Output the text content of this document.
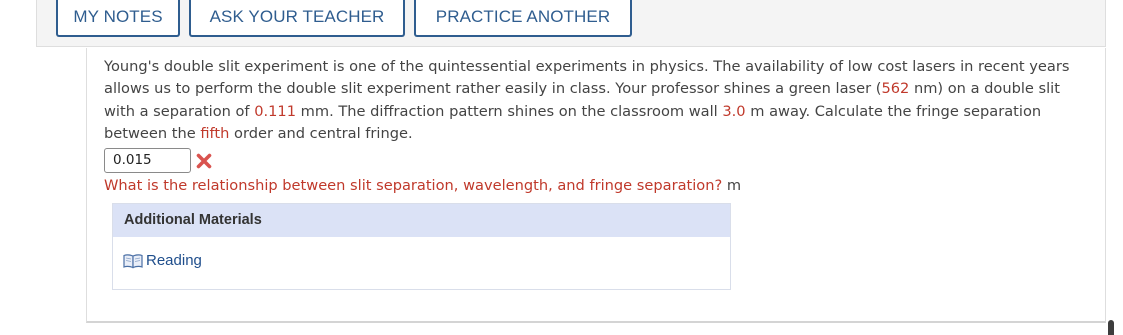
MY NOTES	ASK YOUR TEACHER	PRACTICE ANOTHER
Young's double slit experiment is one of the quintessential experiments in physics. The availability of low cost lasers in recent years allows us to perform the double slit experiment rather easily in class. Your professor shines a green laser (562 nm) on a double slit with a separation of 0.111 mm. The diffraction pattern shines on the classroom wall 3.0 m away. Calculate the fringe separation between the fifth order and central fringe.
0.015
What is the relationship between slit separation, wavelength, and fringe separation? m
Additional Materials
Reading
